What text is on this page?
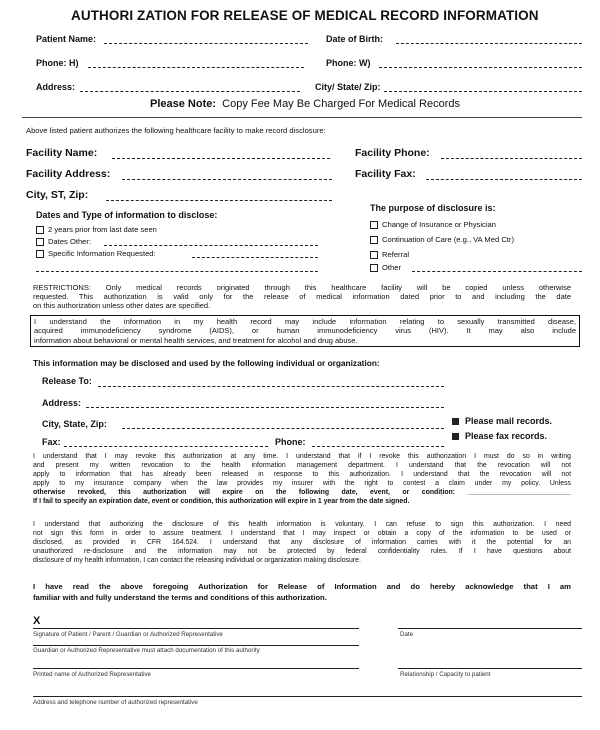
AUTHORI ZATION FOR RELEASE OF MEDICAL RECORD INFORMATION
Patient Name:	Date of Birth:
Phone: H)	Phone: W)
Address:	City/ State/ Zip:
Please Note: Copy Fee May Be Charged For Medical Records
Above listed patient authorizes the following healthcare facility to make record disclosure:
Facility Name:	Facility Phone:
Facility Address:	Facility Fax:
City, ST, Zip:
Dates and Type of information to disclose:
2 years prior from last date seen
Dates Other:
Specific Information Requested:
The purpose of disclosure is:
Change of Insurance or Physician
Continuation of Care (e.g., VA Med Ctr)
Referral
Other
RESTRICTIONS: Only medical records originated through this healthcare facility will be copied unless otherwise
requested. This authorization is valid only for the release of medical information dated prior to and including the date
on this authorization unless other dates are specified.
I understand the information in my health record may include information relating to sexually transmitted disease,
acquired immunodeficiency syndrome (AIDS), or human immunodeficiency virus (HIV). It may also include
information about behavioral or mental health services, and treatment for alcohol and drug abuse.
This information may be disclosed and used by the following individual or organization:
Release To:
Address:
City, State, Zip:
Fax:	Phone:
Please mail records.
Please fax records.
I understand that I may revoke this authorization at any time. I understand that if I revoke this authorization I must do so in writing
and present my written revocation to the health information management department. I understand that the revocation will not
apply to information that has already been released in response to this authorization. I understand that the revocation will not
apply to my insurance company when the law provides my insurer with the right to contest a claim under my policy. Unless
otherwise revoked, this authorization will expire on the following date, event, or condition: ___________________________
If I fail to specify an expiration date, event or condition, this authorization will expire in 1 year from the date signed.
I understand that authorizing the disclosure of this health information is voluntary. I can refuse to sign this authorization. I need
not sign this form in order to assure treatment. I understand that I may inspect or obtain a copy of the information to be used or
disclosed, as provided in CFR 164.524. I understand that any disclosure of information carries with it the potential for an
unauthorized re-disclosure and the information may not be protected by federal confidentiality rules. If I have questions about
disclosure of my health information, I can contact the releasing individual or organization making disclosure.
I have read the above foregoing Authorization for Release of Information and do hereby acknowledge that I am
familiar with and fully understand the terms and conditions of this authorization.
X
Signature of Patient / Parent / Guardian or Authorized Representative	Date
Guardian or Authorized Representative must attach documentation of this authority
Printed name of Authorized Representative	Relationship / Capacity to patient
Address and telephone number of authorized representative
